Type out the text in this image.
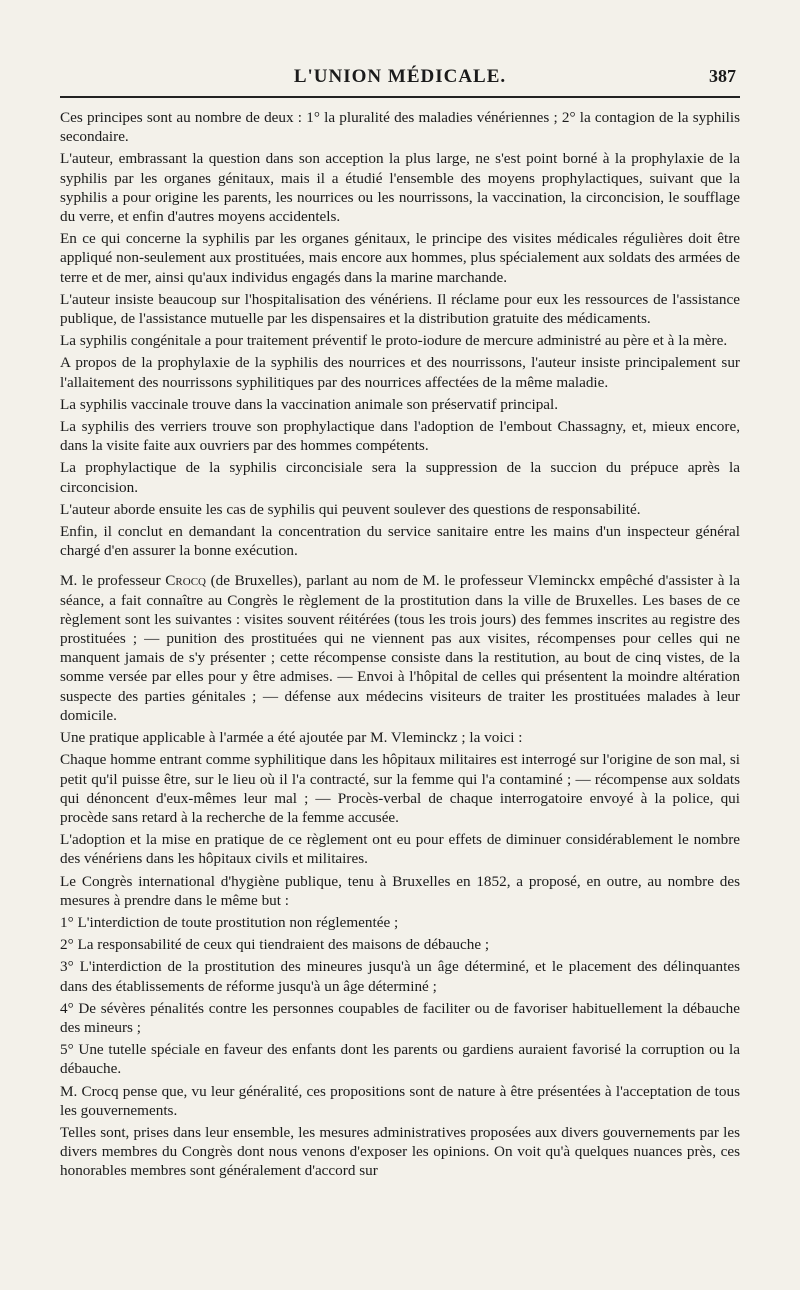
L'UNION MÉDICALE.	387

Ces principes sont au nombre de deux : 1° la pluralité des maladies vénériennes ; 2° la contagion de la syphilis secondaire.

L'auteur, embrassant la question dans son acception la plus large, ne s'est point borné à la prophylaxie de la syphilis par les organes génitaux, mais il a étudié l'ensemble des moyens prophylactiques, suivant que la syphilis a pour origine les parents, les nourrices ou les nourrissons, la vaccination, la circoncision, le soufflage du verre, et enfin d'autres moyens accidentels.

En ce qui concerne la syphilis par les organes génitaux, le principe des visites médicales régulières doit être appliqué non-seulement aux prostituées, mais encore aux hommes, plus spécialement aux soldats des armées de terre et de mer, ainsi qu'aux individus engagés dans la marine marchande.

L'auteur insiste beaucoup sur l'hospitalisation des vénériens. Il réclame pour eux les ressources de l'assistance publique, de l'assistance mutuelle par les dispensaires et la distribution gratuite des médicaments.

La syphilis congénitale a pour traitement préventif le proto-iodure de mercure administré au père et à la mère.

A propos de la prophylaxie de la syphilis des nourrices et des nourrissons, l'auteur insiste principalement sur l'allaitement des nourrissons syphilitiques par des nourrices affectées de la même maladie.

La syphilis vaccinale trouve dans la vaccination animale son préservatif principal.

La syphilis des verriers trouve son prophylactique dans l'adoption de l'embout Chassagny, et, mieux encore, dans la visite faite aux ouvriers par des hommes compétents.

La prophylactique de la syphilis circoncisiale sera la suppression de la succion du prépuce après la circoncision.

L'auteur aborde ensuite les cas de syphilis qui peuvent soulever des questions de responsabilité.

Enfin, il conclut en demandant la concentration du service sanitaire entre les mains d'un inspecteur général chargé d'en assurer la bonne exécution.

M. le professeur Crocq (de Bruxelles), parlant au nom de M. le professeur Vleminckx empêché d'assister à la séance, a fait connaître au Congrès le règlement de la prostitution dans la ville de Bruxelles. Les bases de ce règlement sont les suivantes : visites souvent réitérées (tous les trois jours) des femmes inscrites au registre des prostituées ; — punition des prostituées qui ne viennent pas aux visites, récompenses pour celles qui ne manquent jamais de s'y présenter ; cette récompense consiste dans la restitution, au bout de cinq vistes, de la somme versée par elles pour y être admises. — Envoi à l'hôpital de celles qui présentent la moindre altération suspecte des parties génitales ; — défense aux médecins visiteurs de traiter les prostituées malades à leur domicile.

Une pratique applicable à l'armée a été ajoutée par M. Vleminckz ; la voici :

Chaque homme entrant comme syphilitique dans les hôpitaux militaires est interrogé sur l'origine de son mal, si petit qu'il puisse être, sur le lieu où il l'a contracté, sur la femme qui l'a contaminé ; — récompense aux soldats qui dénoncent d'eux-mêmes leur mal ; — Procès-verbal de chaque interrogatoire envoyé à la police, qui procède sans retard à la recherche de la femme accusée.

L'adoption et la mise en pratique de ce règlement ont eu pour effets de diminuer considérablement le nombre des vénériens dans les hôpitaux civils et militaires.

Le Congrès international d'hygiène publique, tenu à Bruxelles en 1852, a proposé, en outre, au nombre des mesures à prendre dans le même but :

1° L'interdiction de toute prostitution non réglementée ;

2° La responsabilité de ceux qui tiendraient des maisons de débauche ;

3° L'interdiction de la prostitution des mineures jusqu'à un âge déterminé, et le placement des délinquantes dans des établissements de réforme jusqu'à un âge déterminé ;

4° De sévères pénalités contre les personnes coupables de faciliter ou de favoriser habituellement la débauche des mineurs ;

5° Une tutelle spéciale en faveur des enfants dont les parents ou gardiens auraient favorisé la corruption ou la débauche.

M. Crocq pense que, vu leur généralité, ces propositions sont de nature à être présentées à l'acceptation de tous les gouvernements.

Telles sont, prises dans leur ensemble, les mesures administratives proposées aux divers gouvernements par les divers membres du Congrès dont nous venons d'exposer les opinions. On voit qu'à quelques nuances près, ces honorables membres sont généralement d'accord sur
